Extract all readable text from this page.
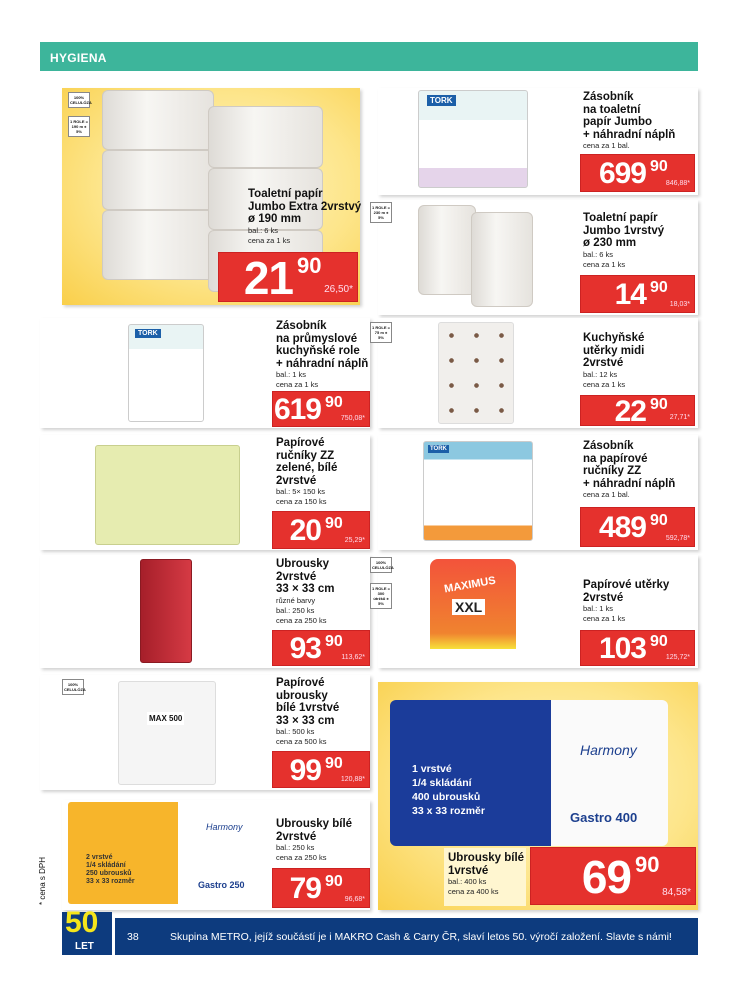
HYGIENA
100% CELULÓZA
1 ROLE = 190 m ± 5%
Toaletní papír
Jumbo Extra 2vrstvý
ø 190 mm
bal.: 6 ks
cena za 1 ks
21 90
26,50*
TORK	Zásobník
na toaletní
papír Jumbo
+ náhradní náplň
cena za 1 bal.
699 90
846,88*
1 ROLE = 230 m ± 5%	Toaletní papír
Jumbo 1vrstvý
ø 230 mm
bal.: 6 ks
cena za 1 ks
14 90
18,03*
TORK
Zásobník
na průmyslové
kuchyňské role
+ náhradní náplň
bal.: 1 ks
cena za 1 ks
619 90
750,08*
1 ROLE = 75 m ± 5%	Kuchyňské
utěrky midi
2vrstvé
bal.: 12 ks
cena za 1 ks
22 90
27,71*
Papírové
ručníky ZZ
zelené, bílé
2vrstvé
bal.: 5× 150 ks
cena za 150 ks
20 90
25,29*
TORK	Zásobník
na papírové
ručníky ZZ
+ náhradní náplň
cena za 1 bal.
489 90
592,78*
Ubrousky
2vrstvé
33 × 33 cm
různé barvy
bal.: 250 ks
cena za 250 ks
93 90
113,62*
100% CELULÓZA
1 ROLE = 300 útržků ± 5%
MAXIMUS
XXL
Papírové utěrky
2vrstvé
bal.: 1 ks
cena za 1 ks
103 90
125,72*
100% CELULÓZA
MAX 500
Papírové
ubrousky
bílé 1vrstvé
33 × 33 cm
bal.: 500 ks
cena za 500 ks
99 90
120,88*
2 vrstvé
1/4 skládání
250 ubrousků
33 x 33 rozměr
Harmony
Gastro 250
Ubrousky bílé
2vrstvé
bal.: 250 ks
cena za 250 ks
79 90
96,68*
1 vrstvé
1/4 skládání
400 ubrousků
33 x 33 rozměr
Harmony
Gastro 400
Ubrousky bílé
1vrstvé
bal.: 400 ks
cena za 400 ks	69 90
84,58*
* cena s DPH
50
LET
38	Skupina METRO, jejíž součástí je i MAKRO Cash & Carry ČR, slaví letos 50. výročí založení. Slavte s námi!
